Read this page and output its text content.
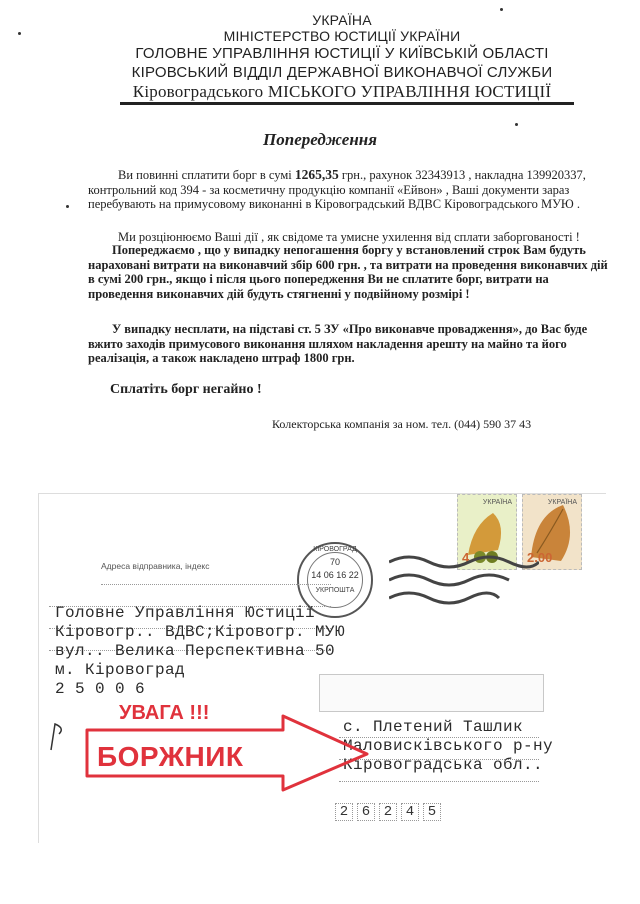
УКРАЇНА
МІНІСТЕРСТВО ЮСТИЦІЇ УКРАЇНИ
ГОЛОВНЕ УПРАВЛІННЯ ЮСТИЦІЇ У КИЇВСЬКІЙ ОБЛАСТІ
КІРОВСЬКИЙ ВІДДІЛ ДЕРЖАВНОЇ ВИКОНАВЧОЇ СЛУЖБИ
Кіровоградського МІСЬКОГО УПРАВЛІННЯ ЮСТИЦІЇ
Попередження

Ви повинні сплатити борг в сумі 1265,35 грн., рахунок 32343913 , накладна 139920337, контрольний код 394 - за косметичну продукцію компанії «Ейвон» , Ваші документи зараз перебувають на примусовому виконанні в Кіровоградський ВДВС Кіровоградського МУЮ .

Ми розціюнюємо Ваші дії , як свідоме та умисне ухилення від сплати заборгованості !

Попереджаємо , що у випадку непогашення боргу у встановлений строк Вам будуть нараховані витрати на виконавчий збір 600 грн. , та витрати на проведення виконавчих дій в сумі 200 грн., якщо і після цього попередження Ви не сплатите борг, витрати на проведення виконавчих дій будуть стягненні у подвійному розмірі !

У випадку несплати, на підставі ст. 5 ЗУ «Про виконавче провадження», до Вас буде вжито заходів примусового виконання шляхом накладення арешту на майно та його реалізація, а також накладено штраф 1800 грн.

Сплатіть борг негайно !
Колекторська компанія за ном. тел. (044) 590 37 43
УКРАЇНА
4
УКРАЇНА
2.00
КІРОВОГРАД
70
14 06 16 22
УКРПОШТА
Адреса відправника, індекс
Головне Управління Юстиції
Кіровогр.. ВДВС;Кіровогр. МУЮ
вул.. Велика Перспективна 50
м. Кіровоград
2 5 0 0 6
с. Плетений Ташлик
Маловисківського р-ну
Кіровоградська обл..
2 6 2 4 5
УВАГА !!!
БОРЖНИК
